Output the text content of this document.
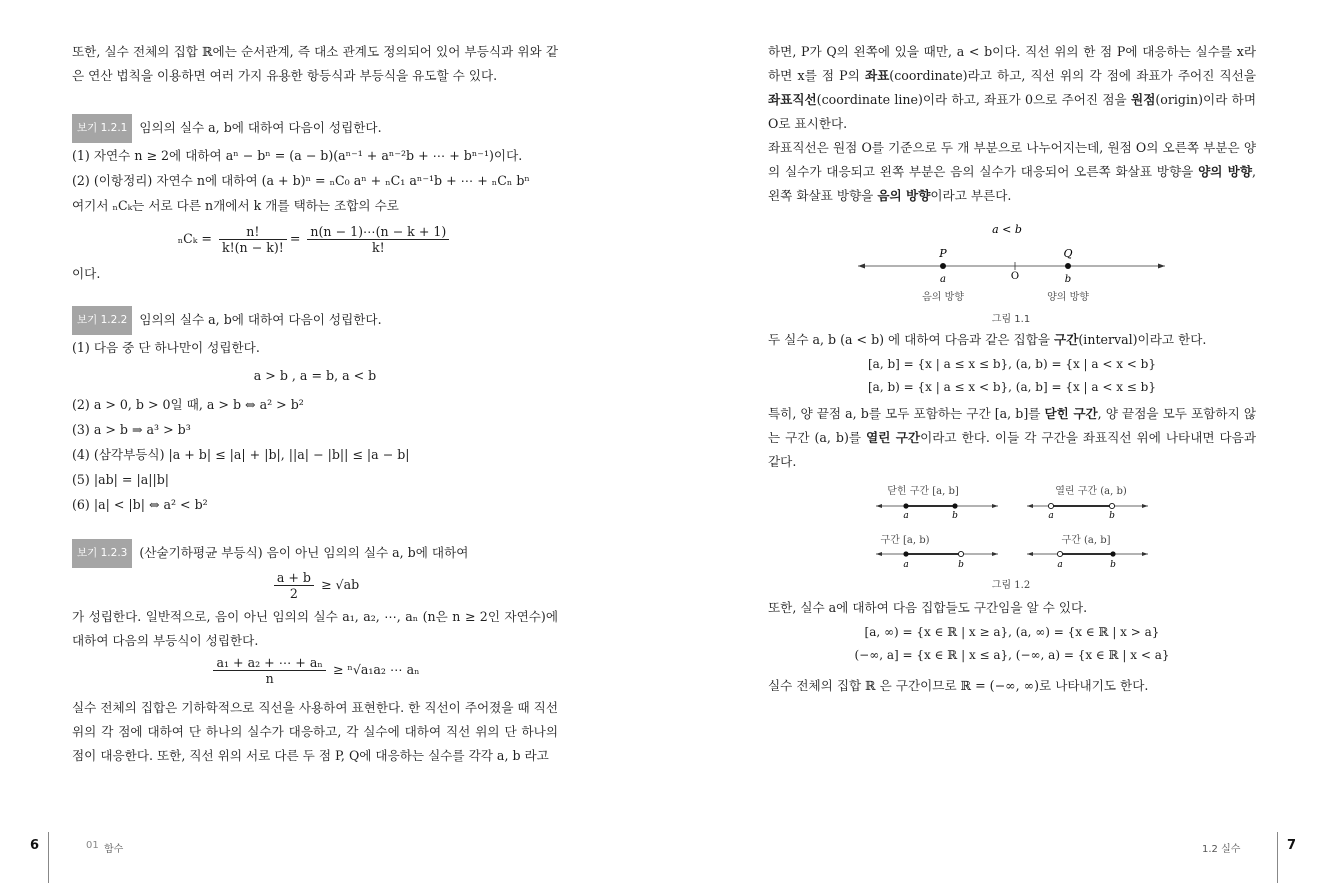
또한, 실수 전체의 집합 ℝ에는 순서관계, 즉 대소 관계도 정의되어 있어 부등식과 위와 같은 연산 법칙을 이용하면 여러 가지 유용한 항등식과 부등식을 유도할 수 있다.

보기 1.2.1 임의의 실수 a, b에 대하여 다음이 성립한다.

(1) 자연수 n ≥ 2에 대하여 aⁿ − bⁿ = (a − b)(aⁿ⁻¹ + aⁿ⁻²b + ⋯ + bⁿ⁻¹)이다.

(2) (이항정리) 자연수 n에 대하여 (a + b)ⁿ = ₙC₀ aⁿ + ₙC₁ aⁿ⁻¹b + ⋯ + ₙCₙ bⁿ

여기서 ₙCₖ는 서로 다른 n개에서 k 개를 택하는 조합의 수로

$_nC_k = \frac{n!}{k!(n - k)!} = \frac{n(n - 1)\cdots(n - k + 1)}{k!}$

이다.

보기 1.2.2 임의의 실수 a, b에 대하여 다음이 성립한다.

(1) 다음 중 단 하나만이 성립한다.

a > b , a = b, a < b

(2) a > 0, b > 0일 때, a > b ⇔ a² > b²

(3) a > b ⇒ a³ > b³

(4) (삼각부등식) |a + b| ≤ |a| + |b|, ||a| − |b|| ≤ |a − b|

(5) |ab| = |a||b|

(6) |a| < |b| ⇔ a² < b²

보기 1.2.3 (산술기하평균 부등식) 음이 아닌 임의의 실수 a, b에 대하여

$\frac{a + b}{2} \ge √ab$

가 성립한다. 일반적으로, 음이 아닌 임의의 실수 a₁, a₂, ⋯, aₙ (n은 n ≥ 2인 자연수)에 대하여 다음의 부등식이 성립한다.

$\frac{\text{a₁ + a₂ + ⋯ + aₙ}}{n} \ge ^n√a_1a_2$ ⋯ aₙ

실수 전체의 집합은 기하학적으로 직선을 사용하여 표현한다. 한 직선이 주어졌을 때 직선 위의 각 점에 대하여 단 하나의 실수가 대응하고, 각 실수에 대하여 직선 위의 단 하나의 점이 대응한다. 또한, 직선 위의 서로 다른 두 점 P, Q에 대응하는 실수를 각각 a, b 라고

6	01 함수

하면, P가 Q의 왼쪽에 있을 때만, a < b이다. 직선 위의 한 점 P에 대응하는 실수를 x라 하면 x를 점 P의 좌표(coordinate)라고 하고, 직선 위의 각 점에 좌표가 주어진 직선을 좌표직선(coordinate line)이라 하고, 좌표가 0으로 주어진 점을 원점(origin)이라 하며 O로 표시한다.

좌표직선은 원점 O를 기준으로 두 개 부분으로 나누어지는데, 원점 O의 오른쪽 부분은 양의 실수가 대응되고 왼쪽 부분은 음의 실수가 대응되어 오른쪽 화살표 방향을 양의 방향, 왼쪽 화살표 방향을 음의 방향이라고 부른다.

a < b
P	Q
a	O	b
음의 방향	양의 방향
그림 1.1

두 실수 a, b (a < b) 에 대하여 다음과 같은 집합을 구간(interval)이라고 한다.

[a, b] = {x | a ≤ x ≤ b}, (a, b) = {x | a < x < b}

[a, b) = {x | a ≤ x < b}, (a, b] = {x | a < x ≤ b}

특히, 양 끝점 a, b를 모두 포함하는 구간 [a, b]를 닫힌 구간, 양 끝점을 모두 포함하지 않는 구간 (a, b)를 열린 구간이라고 한다. 이들 각 구간을 좌표직선 위에 나타내면 다음과 같다.

닫힌 구간 [a, b]	열린 구간 (a, b)
구간 [a, b)	구간 (a, b]
그림 1.2
a	b	a	b
a	b	a	b

또한, 실수 a에 대하여 다음 집합들도 구간임을 알 수 있다.

[a, ∞) = {x ∈ ℝ | x ≥ a}, (a, ∞) = {x ∈ ℝ | x > a}

(−∞, a] = {x ∈ ℝ | x ≤ a}, (−∞, a) = {x ∈ ℝ | x < a}

실수 전체의 집합 ℝ 은 구간이므로 ℝ = (−∞, ∞)로 나타내기도 한다.

1.2 실수	7
